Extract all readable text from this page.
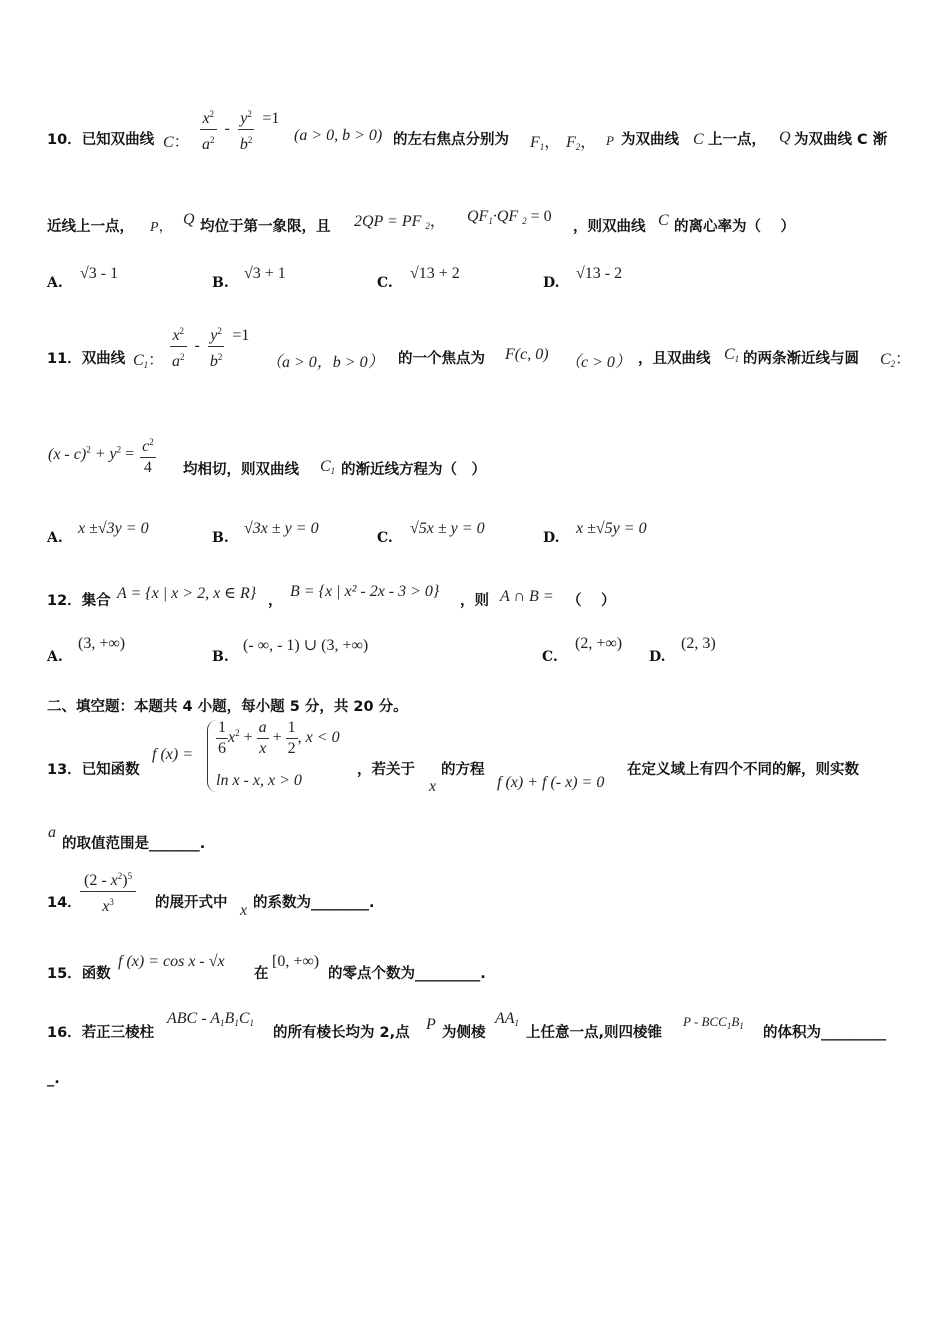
10．已知双曲线 C： $\frac{x^2}{a^2} - \frac{y^2}{b^2} =1$
(a > 0, b > 0) 的左右焦点分别为 $F_1$， $F_2$， P 为双曲线 C 上一点， Q 为双曲线 C 渐
近线上一点， P， Q 均位于第一象限，且 2QP = PF $_2$， $QF_1\cdot QF$ $_2$ = 0
，则双曲线 C 的离心率为（　 ）
A.
√3 - 1
B.
√3 + 1
C.
√13 + 2
D.
√13 - 2
11．双曲线 $C_1$： $\frac{x^2}{a^2} - \frac{y^2}{b^2} =1$
（a > 0，b > 0） 的一个焦点为 F(c, 0) （c > 0） ，且双曲线 $C_1$ 的两条渐近线与圆 $C_2$：
$(x - c)^2 + y^2 = \frac{c^2}{4}$ 均相切，则双曲线 $C_1$ 的渐近线方程为（　）
A.
x ±√3y = 0
B.
√3x ± y = 0
C.
√5x ± y = 0
D.
x ±√5y = 0
12．集合 A = {x | x > 2, x ∈ R} ，
B = {x | x² - 2x - 3 > 0}
，则 A ∩ B = （　 ）
A.
(3, +∞)
B.
(- ∞, - 1) ∪ (3, +∞)
C.
(2, +∞)
D.
(2, 3)
二、填空题：本题共 4 小题，每小题 5 分，共 20 分。
13．已知函数
f $(x) = \frac{1}{6} x^2 + \frac{a}{x} + \frac{1}{2}$ , x < 0
ln x - x, x > 0
，若关于
x
的方程
f (x) + f (- x) = 0
在定义域上有四个不同的解，则实数
a
的取值范围是_______.
14．
$\frac{(2 - x^2)^5}{x^3}$ 的展开式中 x 的系数为________.
15．函数
f (x) = cos x - √x
在
[0, +∞)
的零点个数为_________.
16．若正三棱柱
ABC - $A_1B_1C_1$
的所有棱长均为 2,点 P 为侧棱
$AA_1$
上任意一点,则四棱锥
P - $BCC_1B_1$ 的体积为_________
_.
